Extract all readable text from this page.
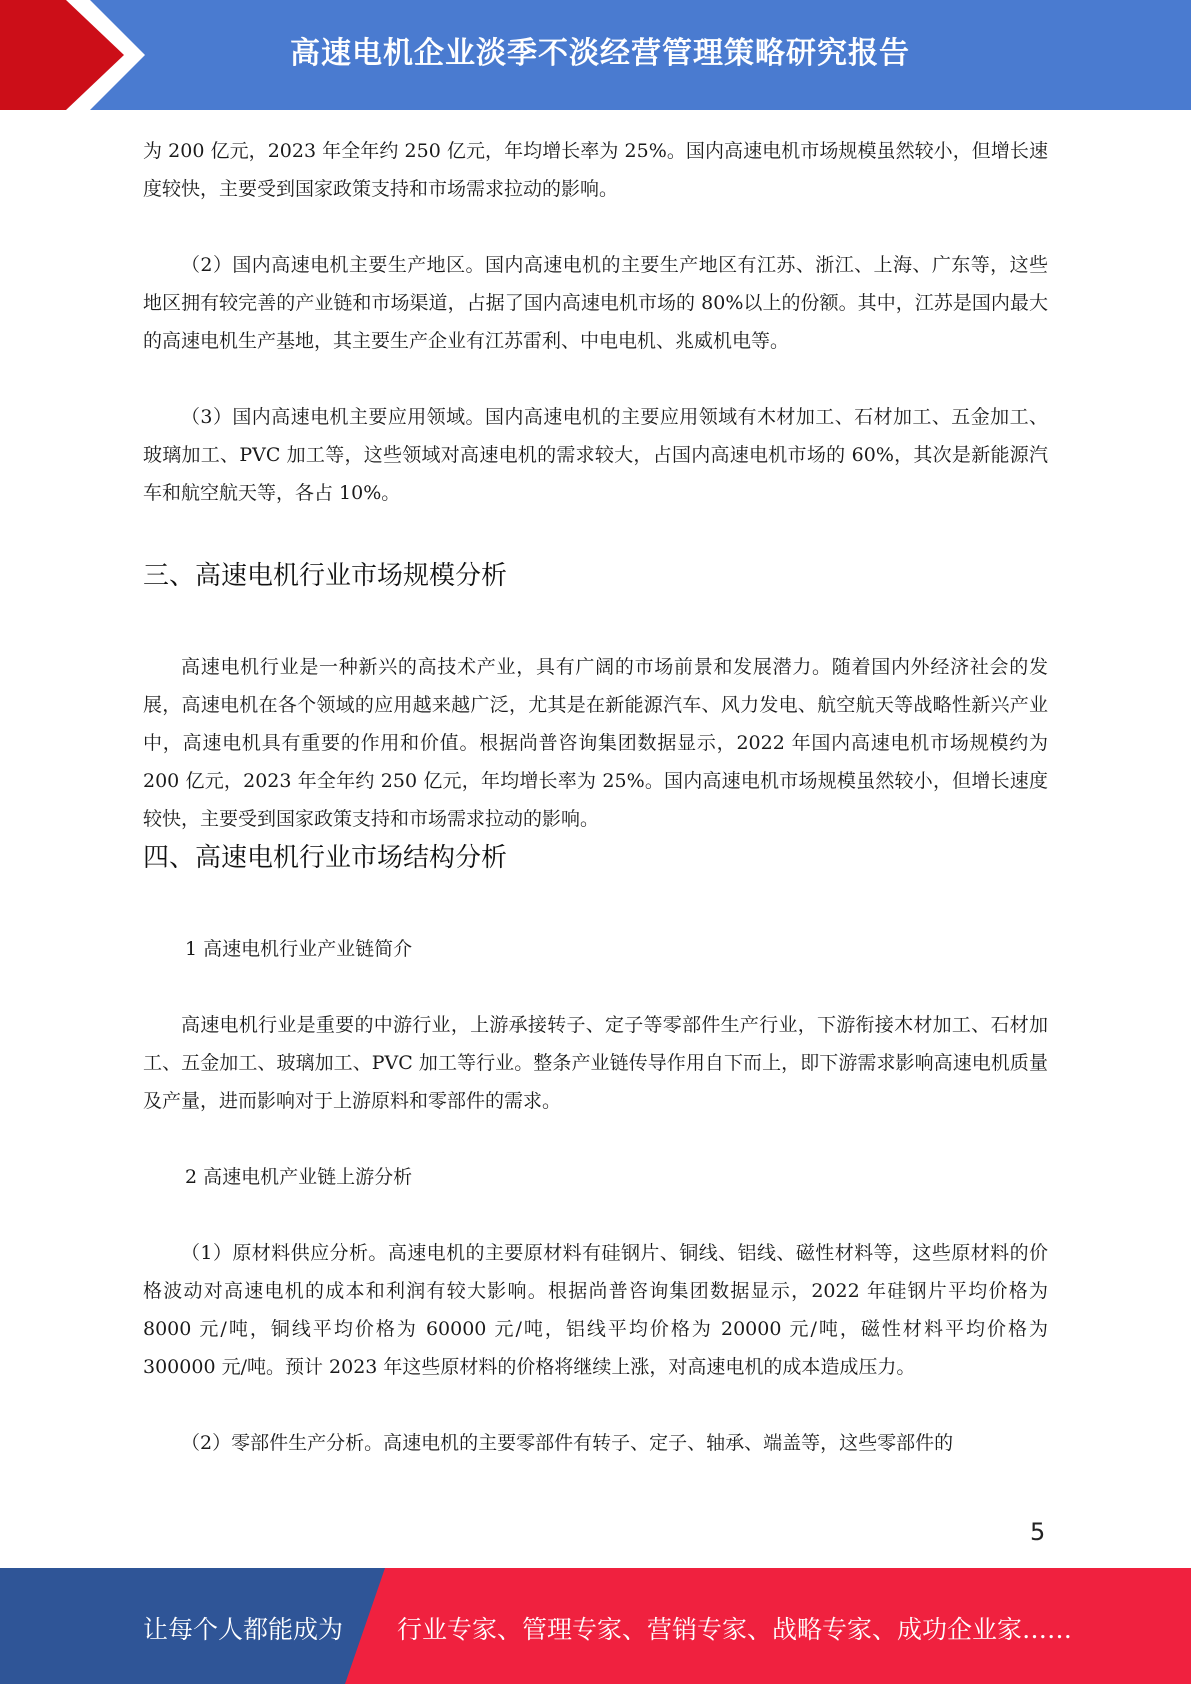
高速电机企业淡季不淡经营管理策略研究报告

为 200 亿元，2023 年全年约 250 亿元，年均增长率为 25%。国内高速电机市场规模虽然较小，但增长速度较快，主要受到国家政策支持和市场需求拉动的影响。

（2）国内高速电机主要生产地区。国内高速电机的主要生产地区有江苏、浙江、上海、广东等，这些地区拥有较完善的产业链和市场渠道，占据了国内高速电机市场的 80%以上的份额。其中，江苏是国内最大的高速电机生产基地，其主要生产企业有江苏雷利、中电电机、兆威机电等。

（3）国内高速电机主要应用领域。国内高速电机的主要应用领域有木材加工、石材加工、五金加工、玻璃加工、PVC 加工等，这些领域对高速电机的需求较大，占国内高速电机市场的 60%，其次是新能源汽车和航空航天等，各占 10%。

三、高速电机行业市场规模分析

高速电机行业是一种新兴的高技术产业，具有广阔的市场前景和发展潜力。随着国内外经济社会的发展，高速电机在各个领域的应用越来越广泛，尤其是在新能源汽车、风力发电、航空航天等战略性新兴产业中，高速电机具有重要的作用和价值。根据尚普咨询集团数据显示，2022 年国内高速电机市场规模约为 200 亿元，2023 年全年约 250 亿元，年均增长率为 25%。国内高速电机市场规模虽然较小，但增长速度较快，主要受到国家政策支持和市场需求拉动的影响。

四、高速电机行业市场结构分析

1 高速电机行业产业链简介

高速电机行业是重要的中游行业，上游承接转子、定子等零部件生产行业，下游衔接木材加工、石材加工、五金加工、玻璃加工、PVC 加工等行业。整条产业链传导作用自下而上，即下游需求影响高速电机质量及产量，进而影响对于上游原料和零部件的需求。

2 高速电机产业链上游分析

（1）原材料供应分析。高速电机的主要原材料有硅钢片、铜线、铝线、磁性材料等，这些原材料的价格波动对高速电机的成本和利润有较大影响。根据尚普咨询集团数据显示，2022 年硅钢片平均价格为 8000 元/吨，铜线平均价格为 60000 元/吨，铝线平均价格为 20000 元/吨，磁性材料平均价格为 300000 元/吨。预计 2023 年这些原材料的价格将继续上涨，对高速电机的成本造成压力。

（2）零部件生产分析。高速电机的主要零部件有转子、定子、轴承、端盖等，这些零部件的

5
让每个人都能成为 行业专家、管理专家、营销专家、战略专家、成功企业家……
